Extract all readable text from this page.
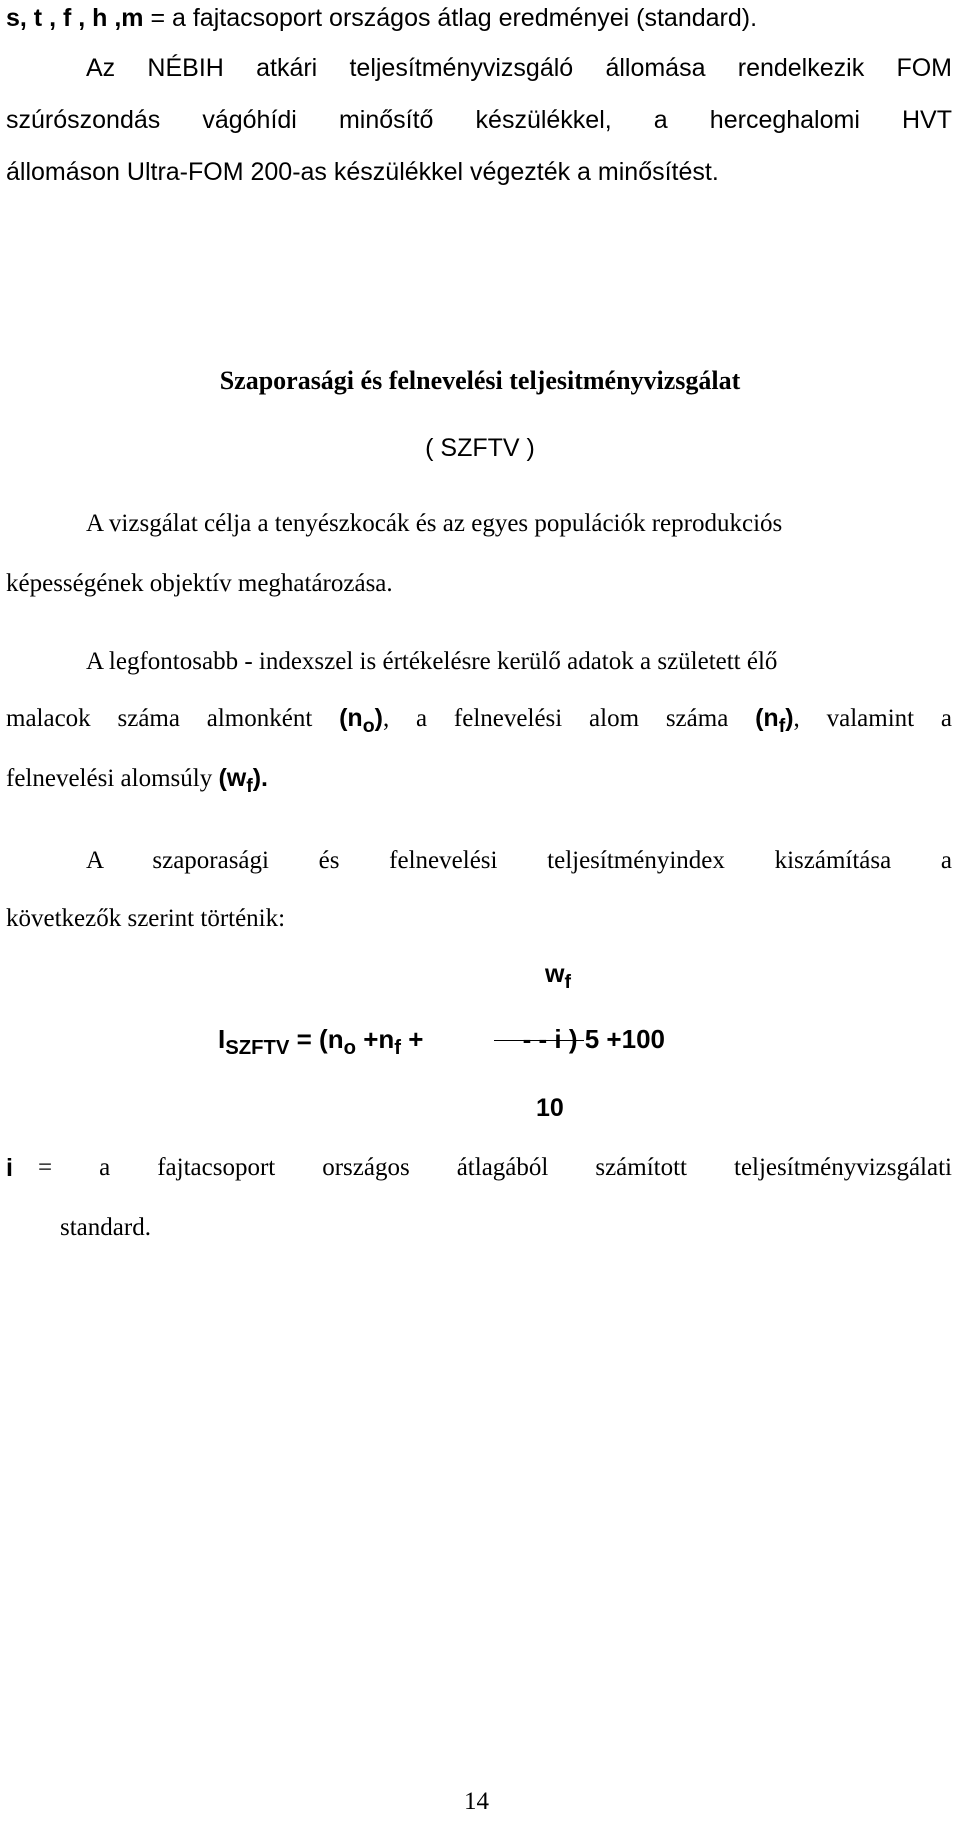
s, t , f , h ,m = a fajtacsoport országos átlag eredményei (standard).
Az NÉBIH atkári teljesítményvizsgáló állomása rendelkezik FOM
szúrószondás vágóhídi minősítő készülékkel, a herceghalomi HVT
állomáson Ultra-FOM 200-as készülékkel végezték a minősítést.
Szaporasági és felnevelési teljesitményvizsgálat
( SZFTV )
A vizsgálat célja a tenyészkocák és az egyes populációk reprodukciós
képességének objektív meghatározása.
A legfontosabb - indexszel is értékelésre kerülő adatok a született élő
malacok száma almonként $(n_o)$, a felnevelési alom száma $(n_f)$, valamint a
felnevelési alomsúly $(w_f)$.
A szaporasági és felnevelési teljesítményindex kiszámítása a
következők szerint történik:
$w_f$
$I_{SZFTV} = (n_o +n_f$ +	- - i ) 5 +100
10
i = a fajtacsoport országos átlagából számított teljesítményvizsgálati
standard.
14
